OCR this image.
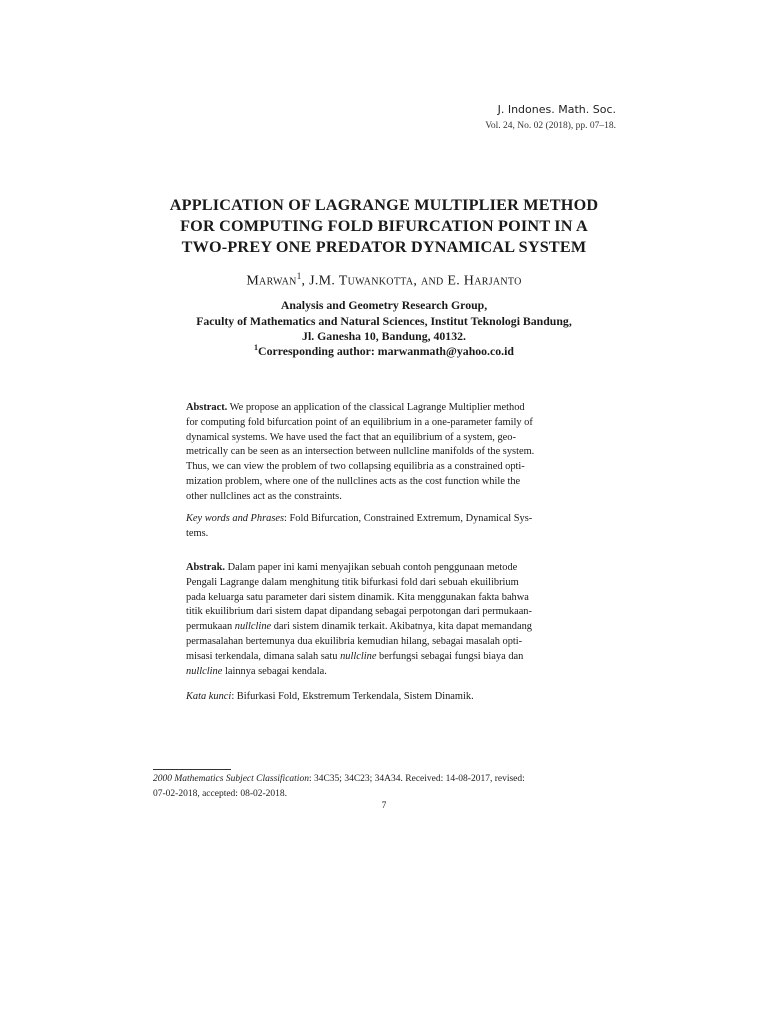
J. Indones. Math. Soc.
Vol. 24, No. 02 (2018), pp. 07–18.
APPLICATION OF LAGRANGE MULTIPLIER METHOD
FOR COMPUTING FOLD BIFURCATION POINT IN A
TWO-PREY ONE PREDATOR DYNAMICAL SYSTEM
Marwan$^1$, J.M. Tuwankotta, and E. Harjanto
Analysis and Geometry Research Group,
Faculty of Mathematics and Natural Sciences, Institut Teknologi Bandung,
Jl. Ganesha 10, Bandung, 40132.
$^1$Corresponding author: marwanmath@yahoo.co.id
Abstract. We propose an application of the classical Lagrange Multiplier method
for computing fold bifurcation point of an equilibrium in a one-parameter family of
dynamical systems. We have used the fact that an equilibrium of a system, geo-
metrically can be seen as an intersection between nullcline manifolds of the system.
Thus, we can view the problem of two collapsing equilibria as a constrained opti-
mization problem, where one of the nullclines acts as the cost function while the
other nullclines act as the constraints.
Key words and Phrases: Fold Bifurcation, Constrained Extremum, Dynamical Sys-
tems.
Abstrak. Dalam paper ini kami menyajikan sebuah contoh penggunaan metode
Pengali Lagrange dalam menghitung titik bifurkasi fold dari sebuah ekuilibrium
pada keluarga satu parameter dari sistem dinamik. Kita menggunakan fakta bahwa
titik ekuilibrium dari sistem dapat dipandang sebagai perpotongan dari permukaan-
permukaan nullcline dari sistem dinamik terkait. Akibatnya, kita dapat memandang
permasalahan bertemunya dua ekuilibria kemudian hilang, sebagai masalah opti-
misasi terkendala, dimana salah satu nullcline berfungsi sebagai fungsi biaya dan
nullcline lainnya sebagai kendala.
Kata kunci: Bifurkasi Fold, Ekstremum Terkendala, Sistem Dinamik.
2000 Mathematics Subject Classification: 34C35; 34C23; 34A34. Received: 14-08-2017, revised:
07-02-2018, accepted: 08-02-2018.
7
